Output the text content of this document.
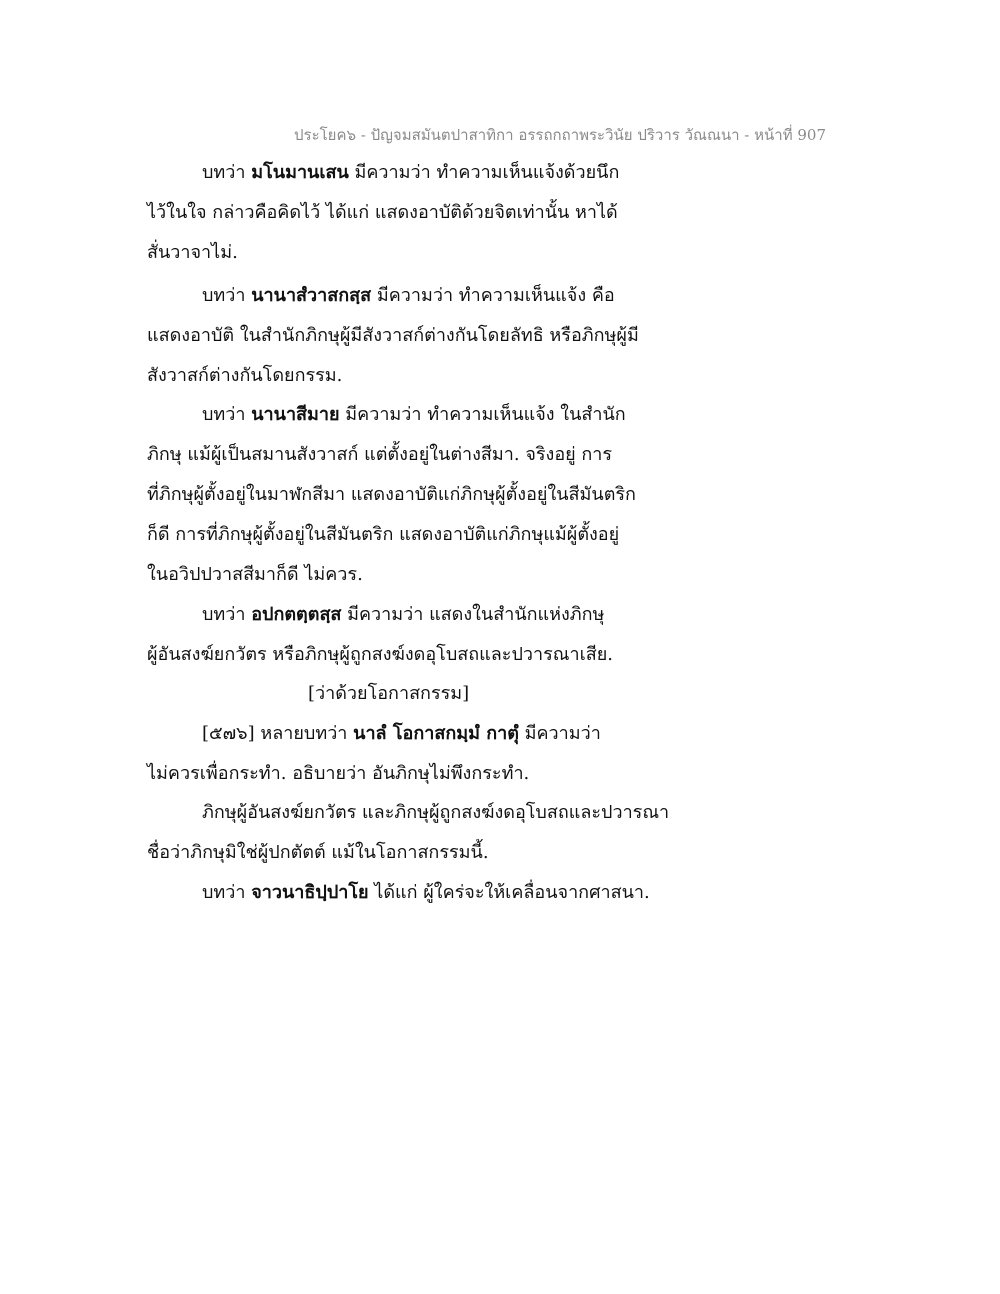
ประโยค๖ - ปัญจมสมันตปาสาทิกา อรรถกถาพระวินัย ปริวาร วัณณนา - หน้าที่ 907
บทว่า มโนมานเสน มีความว่า ทำความเห็นแจ้งด้วยนึก
ไว้ในใจ กล่าวคือคิดไว้ ได้แก่ แสดงอาบัติด้วยจิตเท่านั้น หาได้
สั่นวาจาไม่.
บทว่า นานาสํวาสกสฺส มีความว่า ทำความเห็นแจ้ง คือ
แสดงอาบัติ ในสำนักภิกษุผู้มีสังวาสก์ต่างกันโดยลัทธิ หรือภิกษุผู้มี
สังวาสก์ต่างกันโดยกรรม.
บทว่า นานาสีมาย มีความว่า ทำความเห็นแจ้ง ในสำนัก
ภิกษุ แม้ผู้เป็นสมานสังวาสก์ แต่ตั้งอยู่ในต่างสีมา. จริงอยู่ การ
ที่ภิกษุผู้ตั้งอยู่ในมาฬกสีมา แสดงอาบัติแก่ภิกษุผู้ตั้งอยู่ในสีมันตริก
ก็ดี การที่ภิกษุผู้ตั้งอยู่ในสีมันตริก แสดงอาบัติแก่ภิกษุแม้ผู้ตั้งอยู่
ในอวิปปวาสสีมาก็ดี ไม่ควร.
บทว่า อปกตตฺตสฺส มีความว่า แสดงในสำนักแห่งภิกษุ
ผู้อันสงฆ์ยกวัตร หรือภิกษุผู้ถูกสงฆ์งดอุโบสถและปวารณาเสีย.
[ว่าด้วยโอกาสกรรม]
[๕๗๖] หลายบทว่า นาลํ โอกาสกมฺมํ กาตุํ มีความว่า
ไม่ควรเพื่อกระทำ. อธิบายว่า อันภิกษุไม่พึงกระทำ.
ภิกษุผู้อันสงฆ์ยกวัตร และภิกษุผู้ถูกสงฆ์งดอุโบสถและปวารณา
ชื่อว่าภิกษุมิใช่ผู้ปกตัตต์ แม้ในโอกาสกรรมนี้.
บทว่า จาวนาธิปฺปาโย ได้แก่ ผู้ใคร่จะให้เคลื่อนจากศาสนา.
